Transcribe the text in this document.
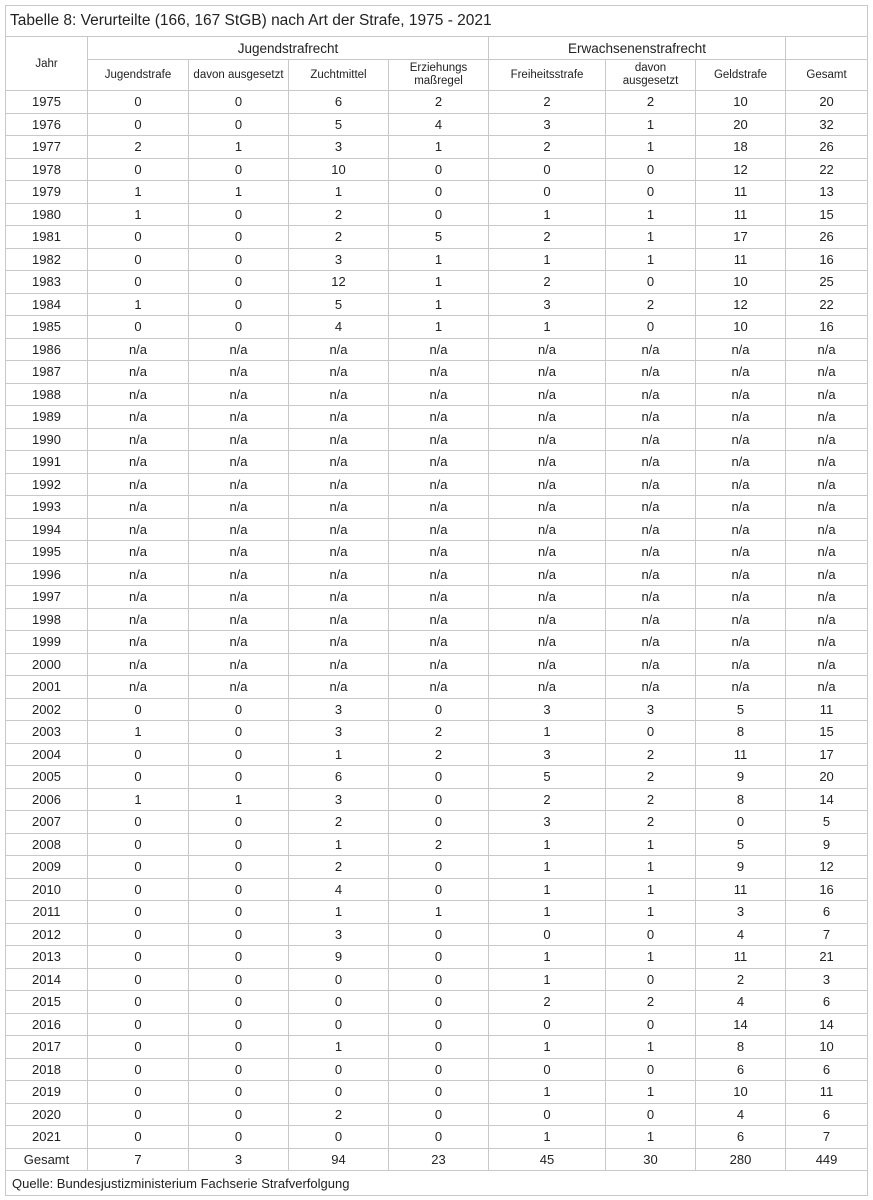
Tabelle 8: Verurteilte (166, 167 StGB) nach Art der Strafe, 1975 - 2021								
Jahr	Jugendstrafrecht				Erwachsenenstrafrecht			
	Jugendstrafe	davon ausgesetzt	Zuchtmittel	Erziehungs maßregel	Freiheitsstrafe	davon ausgesetzt	Geldstrafe	Gesamt
1975	0	0	6	2	2	2	10	20
1976	0	0	5	4	3	1	20	32
1977	2	1	3	1	2	1	18	26
1978	0	0	10	0	0	0	12	22
1979	1	1	1	0	0	0	11	13
1980	1	0	2	0	1	1	11	15
1981	0	0	2	5	2	1	17	26
1982	0	0	3	1	1	1	11	16
1983	0	0	12	1	2	0	10	25
1984	1	0	5	1	3	2	12	22
1985	0	0	4	1	1	0	10	16
1986	n/a	n/a	n/a	n/a	n/a	n/a	n/a	n/a
1987	n/a	n/a	n/a	n/a	n/a	n/a	n/a	n/a
1988	n/a	n/a	n/a	n/a	n/a	n/a	n/a	n/a
1989	n/a	n/a	n/a	n/a	n/a	n/a	n/a	n/a
1990	n/a	n/a	n/a	n/a	n/a	n/a	n/a	n/a
1991	n/a	n/a	n/a	n/a	n/a	n/a	n/a	n/a
1992	n/a	n/a	n/a	n/a	n/a	n/a	n/a	n/a
1993	n/a	n/a	n/a	n/a	n/a	n/a	n/a	n/a
1994	n/a	n/a	n/a	n/a	n/a	n/a	n/a	n/a
1995	n/a	n/a	n/a	n/a	n/a	n/a	n/a	n/a
1996	n/a	n/a	n/a	n/a	n/a	n/a	n/a	n/a
1997	n/a	n/a	n/a	n/a	n/a	n/a	n/a	n/a
1998	n/a	n/a	n/a	n/a	n/a	n/a	n/a	n/a
1999	n/a	n/a	n/a	n/a	n/a	n/a	n/a	n/a
2000	n/a	n/a	n/a	n/a	n/a	n/a	n/a	n/a
2001	n/a	n/a	n/a	n/a	n/a	n/a	n/a	n/a
2002	0	0	3	0	3	3	5	11
2003	1	0	3	2	1	0	8	15
2004	0	0	1	2	3	2	11	17
2005	0	0	6	0	5	2	9	20
2006	1	1	3	0	2	2	8	14
2007	0	0	2	0	3	2	0	5
2008	0	0	1	2	1	1	5	9
2009	0	0	2	0	1	1	9	12
2010	0	0	4	0	1	1	11	16
2011	0	0	1	1	1	1	3	6
2012	0	0	3	0	0	0	4	7
2013	0	0	9	0	1	1	11	21
2014	0	0	0	0	1	0	2	3
2015	0	0	0	0	2	2	4	6
2016	0	0	0	0	0	0	14	14
2017	0	0	1	0	1	1	8	10
2018	0	0	0	0	0	0	6	6
2019	0	0	0	0	1	1	10	11
2020	0	0	2	0	0	0	4	6
2021	0	0	0	0	1	1	6	7
Gesamt	7	3	94	23	45	30	280	449
Quelle: Bundesjustizministerium Fachserie Strafverfolgung								
